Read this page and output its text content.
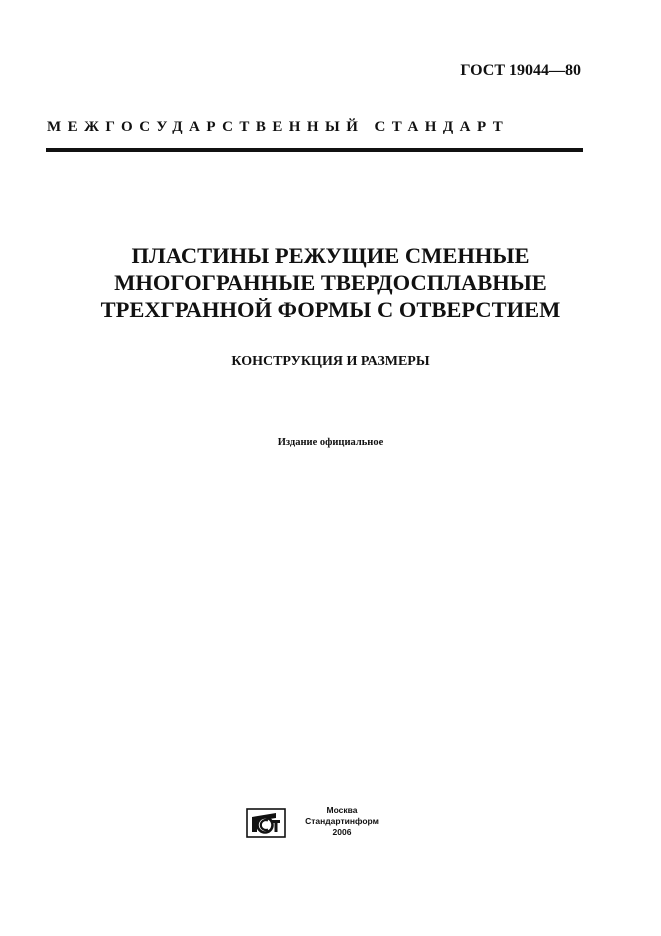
ГОСТ 19044—80
МЕЖГОСУДАРСТВЕННЫЙ СТАНДАРТ
ПЛАСТИНЫ РЕЖУЩИЕ СМЕННЫЕ
МНОГОГРАННЫЕ ТВЕРДОСПЛАВНЫЕ
ТРЕХГРАННОЙ ФОРМЫ С ОТВЕРСТИЕМ
КОНСТРУКЦИЯ И РАЗМЕРЫ
Издание официальное
Москва
Стандартинформ
2006
